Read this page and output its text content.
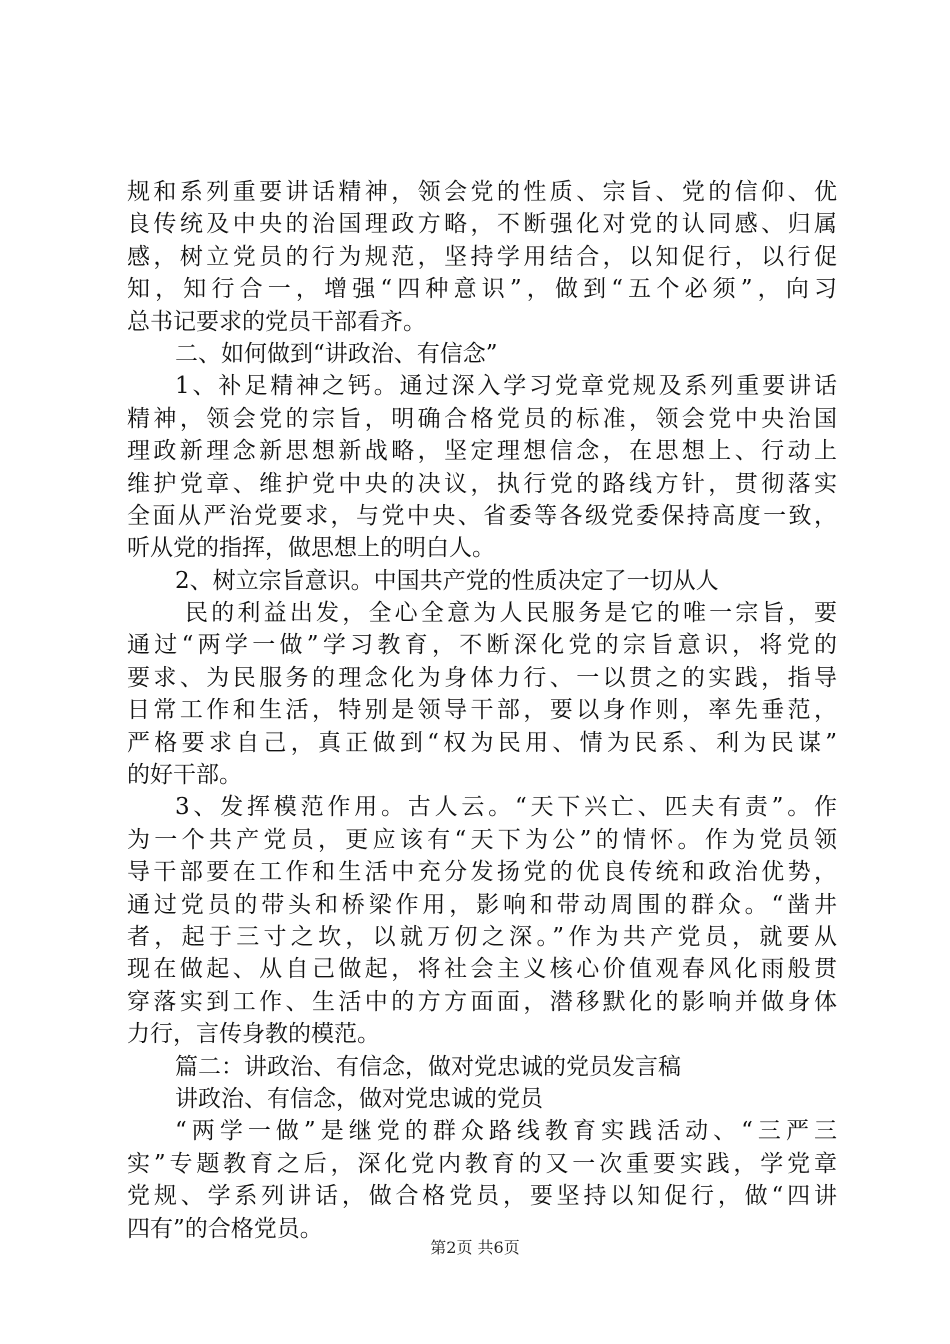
规和系列重要讲话精神，领会党的性质、宗旨、党的信仰、优
良传统及中央的治国理政方略，不断强化对党的认同感、归属
感，树立党员的行为规范，坚持学用结合，以知促行，以行促
知，知行合一，增强“四种意识”，做到“五个必须”，向习
总书记要求的党员干部看齐。
二、如何做到“讲政治、有信念”
1、补足精神之钙。通过深入学习党章党规及系列重要讲话
精神，领会党的宗旨，明确合格党员的标准，领会党中央治国
理政新理念新思想新战略，坚定理想信念，在思想上、行动上
维护党章、维护党中央的决议，执行党的路线方针，贯彻落实
全面从严治党要求，与党中央、省委等各级党委保持高度一致，
听从党的指挥，做思想上的明白人。
2、树立宗旨意识。中国共产党的性质决定了一切从人
民的利益出发，全心全意为人民服务是它的唯一宗旨，要
通过“两学一做”学习教育，不断深化党的宗旨意识，将党的
要求、为民服务的理念化为身体力行、一以贯之的实践，指导
日常工作和生活，特别是领导干部，要以身作则，率先垂范，
严格要求自己，真正做到“权为民用、情为民系、利为民谋”
的好干部。
3、发挥模范作用。古人云。“天下兴亡、匹夫有责”。作
为一个共产党员，更应该有“天下为公”的情怀。作为党员领
导干部要在工作和生活中充分发扬党的优良传统和政治优势，
通过党员的带头和桥梁作用，影响和带动周围的群众。“凿井
者，起于三寸之坎，以就万仞之深。”作为共产党员，就要从
现在做起、从自己做起，将社会主义核心价值观春风化雨般贯
穿落实到工作、生活中的方方面面，潜移默化的影响并做身体
力行，言传身教的模范。
篇二：讲政治、有信念，做对党忠诚的党员发言稿
讲政治、有信念，做对党忠诚的党员
“两学一做”是继党的群众路线教育实践活动、“三严三
实”专题教育之后，深化党内教育的又一次重要实践，学党章
党规、学系列讲话，做合格党员，要坚持以知促行，做“四讲
四有”的合格党员。
第2页 共6页
